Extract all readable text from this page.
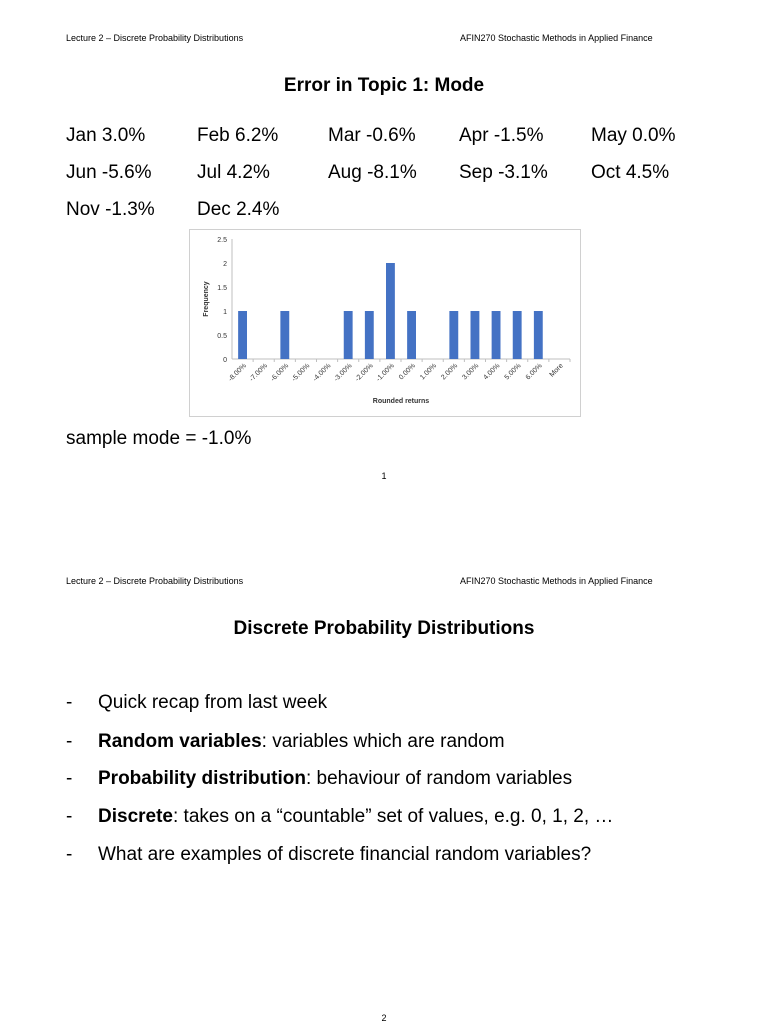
Lecture 2 – Discrete Probability Distributions	AFIN270 Stochastic Methods in Applied Finance
Error in Topic 1: Mode
Jan 3.0%	Feb 6.2%	Mar -0.6% Apr -1.5%	May 0.0%
Jun -5.6% Jul 4.2%	Aug -8.1% Sep -3.1% Oct 4.5%
Nov -1.3% Dec 2.4%
0
0.5
1
1.5
2
2.5
-8.00% -7.00% -6.00% -5.00% -4.00% -3.00% -2.00% -1.00% 0.00% 1.00% 2.00% 3.00% 4.00% 5.00% 6.00% More
Rounded returns
Frequency
sample mode = -1.0%
1
Lecture 2 – Discrete Probability Distributions	AFIN270 Stochastic Methods in Applied Finance
Discrete Probability Distributions
- Quick recap from last week
- Random variables: variables which are random
- Probability distribution: behaviour of random variables
- Discrete: takes on a “countable” set of values, e.g. 0, 1, 2, …
- What are examples of discrete financial random variables?
2
